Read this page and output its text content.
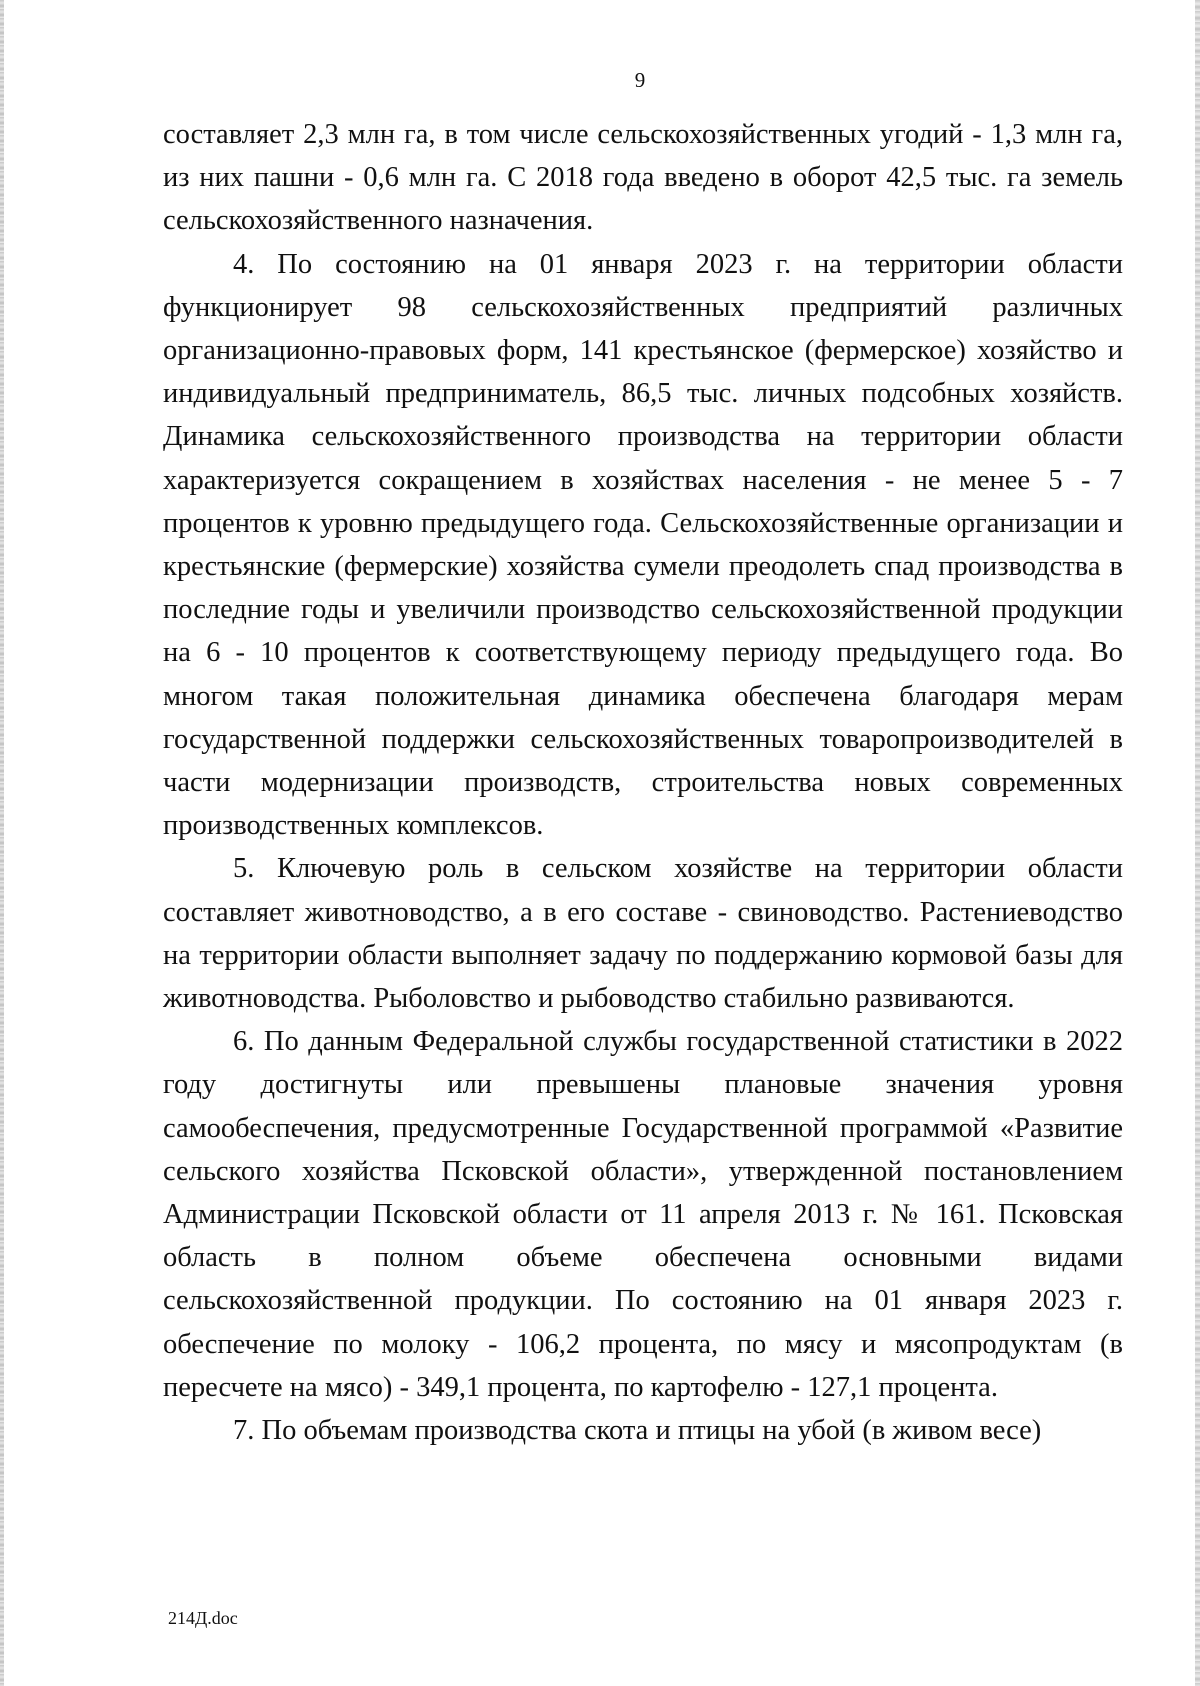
9

составляет 2,3 млн га, в том числе сельскохозяйственных угодий - 1,3 млн га, из них пашни - 0,6 млн га. С 2018 года введено в оборот 42,5 тыс. га земель сельскохозяйственного назначения.

4. По состоянию на 01 января 2023 г. на территории области функционирует 98 сельскохозяйственных предприятий различных организационно-правовых форм, 141 крестьянское (фермерское) хозяйство и индивидуальный предприниматель, 86,5 тыс. личных подсобных хозяйств. Динамика сельскохозяйственного производства на территории области характеризуется сокращением в хозяйствах населения - не менее 5 - 7 процентов к уровню предыдущего года. Сельскохозяйственные организации и крестьянские (фермерские) хозяйства сумели преодолеть спад производства в последние годы и увеличили производство сельскохозяйственной продукции на 6 - 10 процентов к соответствующему периоду предыдущего года. Во многом такая положительная динамика обеспечена благодаря мерам государственной поддержки сельскохозяйственных товаропроизводителей в части модернизации производств, строительства новых современных производственных комплексов.

5. Ключевую роль в сельском хозяйстве на территории области составляет животноводство, а в его составе - свиноводство. Растениеводство на территории области выполняет задачу по поддержанию кормовой базы для животноводства. Рыболовство и рыбоводство стабильно развиваются.

6. По данным Федеральной службы государственной статистики в 2022 году достигнуты или превышены плановые значения уровня самообеспечения, предусмотренные Государственной программой «Развитие сельского хозяйства Псковской области», утвержденной постановлением Администрации Псковской области от 11 апреля 2013 г. № 161. Псковская область в полном объеме обеспечена основными видами сельскохозяйственной продукции. По состоянию на 01 января 2023 г. обеспечение по молоку - 106,2 процента, по мясу и мясопродуктам (в пересчете на мясо) - 349,1 процента, по картофелю - 127,1 процента.

7. По объемам производства скота и птицы на убой (в живом весе)

214Д.doc
